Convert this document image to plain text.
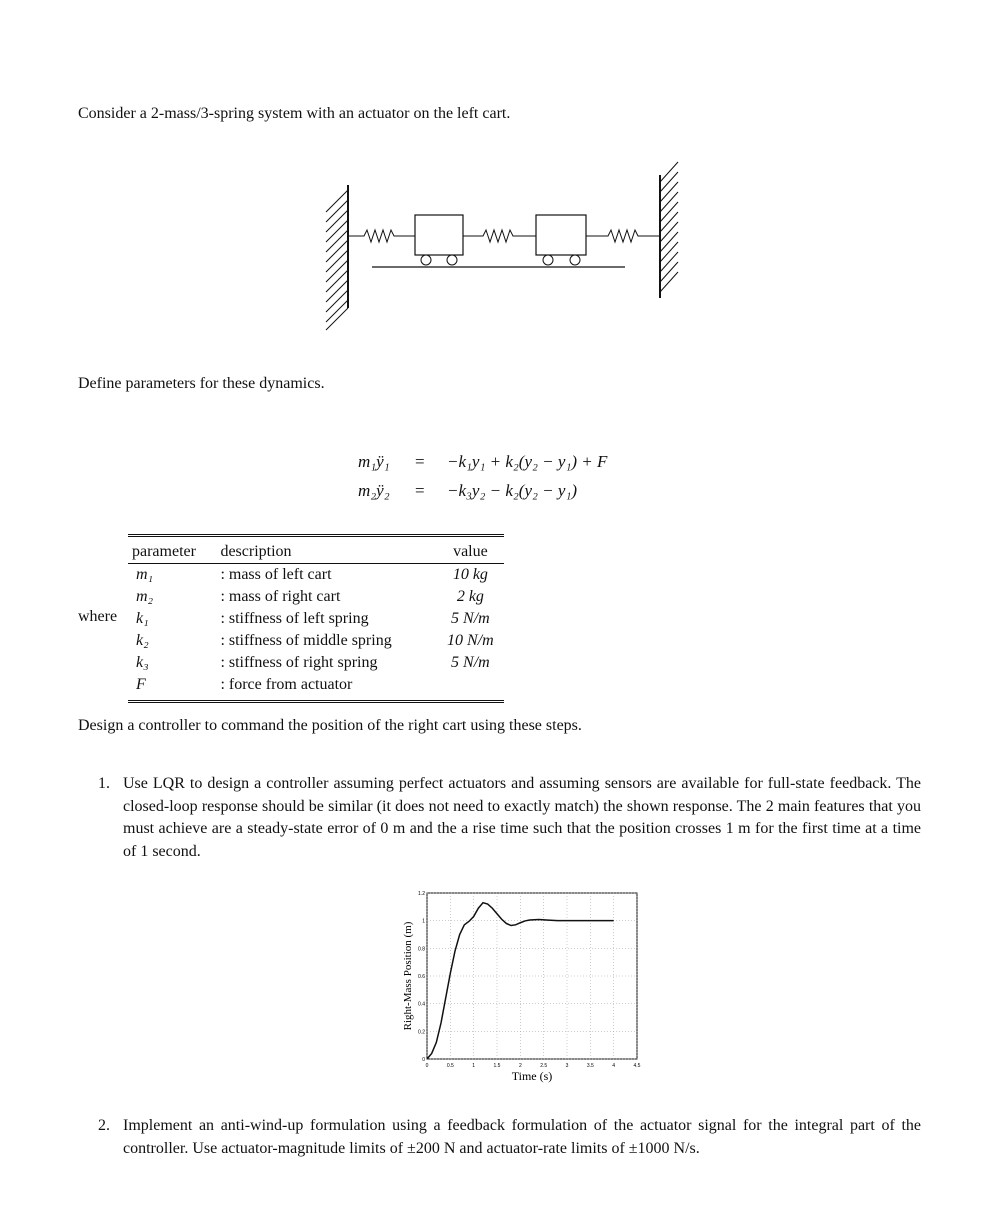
Consider a 2-mass/3-spring system with an actuator on the left cart.
Define parameters for these dynamics.
m₁ÿ₁	= −k₁y₁ + k₂(y₂ − y₁) + F
m₂ÿ₂	= −k₃y₂ − k₂(y₂ − y₁)
where
parameter	description	value
m₁	: mass of left cart	10 kg
m₂	: mass of right cart	2 kg
k₁	: stiffness of left spring	5 N/m
k₂	: stiffness of middle spring	10 N/m
k₃	: stiffness of right spring	5 N/m
F	: force from actuator	
Design a controller to command the position of the right cart using these steps.
1. Use LQR to design a controller assuming perfect actuators and assuming sensors are available for full-state feedback. The closed-loop response should be similar (it does not need to exactly match) the shown response. The 2 main features that you must achieve are a steady-state error of 0 m and the a rise time such that the position crosses 1 m for the first time at a time of 1 second.
0	0.5	1	1.5	2	2.5	3	3.5	4	4.5
0
0.2
0.4
0.6
0.8
1
1.2
Time (s)
Right-Mass Position (m)
2. Implement an anti-wind-up formulation using a feedback formulation of the actuator signal for the integral part of the controller. Use actuator-magnitude limits of ±200 N and actuator-rate limits of ±1000 N/s.
